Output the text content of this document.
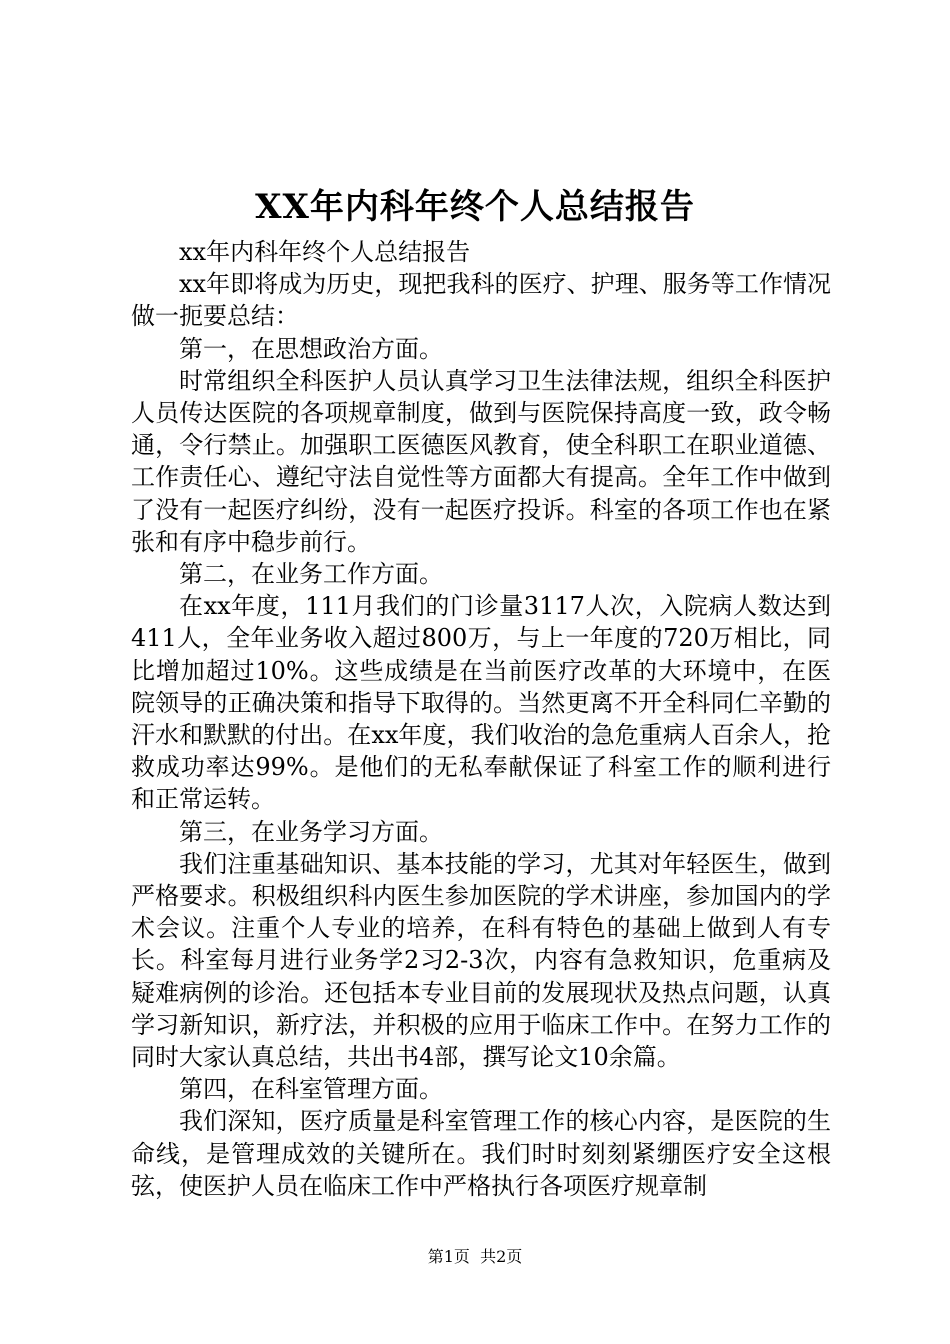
XX年内科年终个人总结报告

xx年内科年终个人总结报告

xx年即将成为历史，现把我科的医疗、护理、服务等工作情况做一扼要总结：

第一，在思想政治方面。

时常组织全科医护人员认真学习卫生法律法规，组织全科医护人员传达医院的各项规章制度，做到与医院保持高度一致，政令畅通，令行禁止。加强职工医德医风教育，使全科职工在职业道德、工作责任心、遵纪守法自觉性等方面都大有提高。全年工作中做到了没有一起医疗纠纷，没有一起医疗投诉。科室的各项工作也在紧张和有序中稳步前行。

第二，在业务工作方面。

在xx年度，111月我们的门诊量3117人次，入院病人数达到411人，全年业务收入超过800万，与上一年度的720万相比，同比增加超过10%。这些成绩是在当前医疗改革的大环境中，在医院领导的正确决策和指导下取得的。当然更离不开全科同仁辛勤的汗水和默默的付出。在xx年度，我们收治的急危重病人百余人，抢救成功率达99%。是他们的无私奉献保证了科室工作的顺利进行和正常运转。

第三，在业务学习方面。

我们注重基础知识、基本技能的学习，尤其对年轻医生，做到严格要求。积极组织科内医生参加医院的学术讲座，参加国内的学术会议。注重个人专业的培养，在科有特色的基础上做到人有专长。科室每月进行业务学2习2-3次，内容有急救知识，危重病及疑难病例的诊治。还包括本专业目前的发展现状及热点问题，认真学习新知识，新疗法，并积极的应用于临床工作中。在努力工作的同时大家认真总结，共出书4部，撰写论文10余篇。

第四，在科室管理方面。

我们深知，医疗质量是科室管理工作的核心内容，是医院的生命线，是管理成效的关键所在。我们时时刻刻紧绷医疗安全这根弦，使医护人员在临床工作中严格执行各项医疗规章制

第1页 共2页
